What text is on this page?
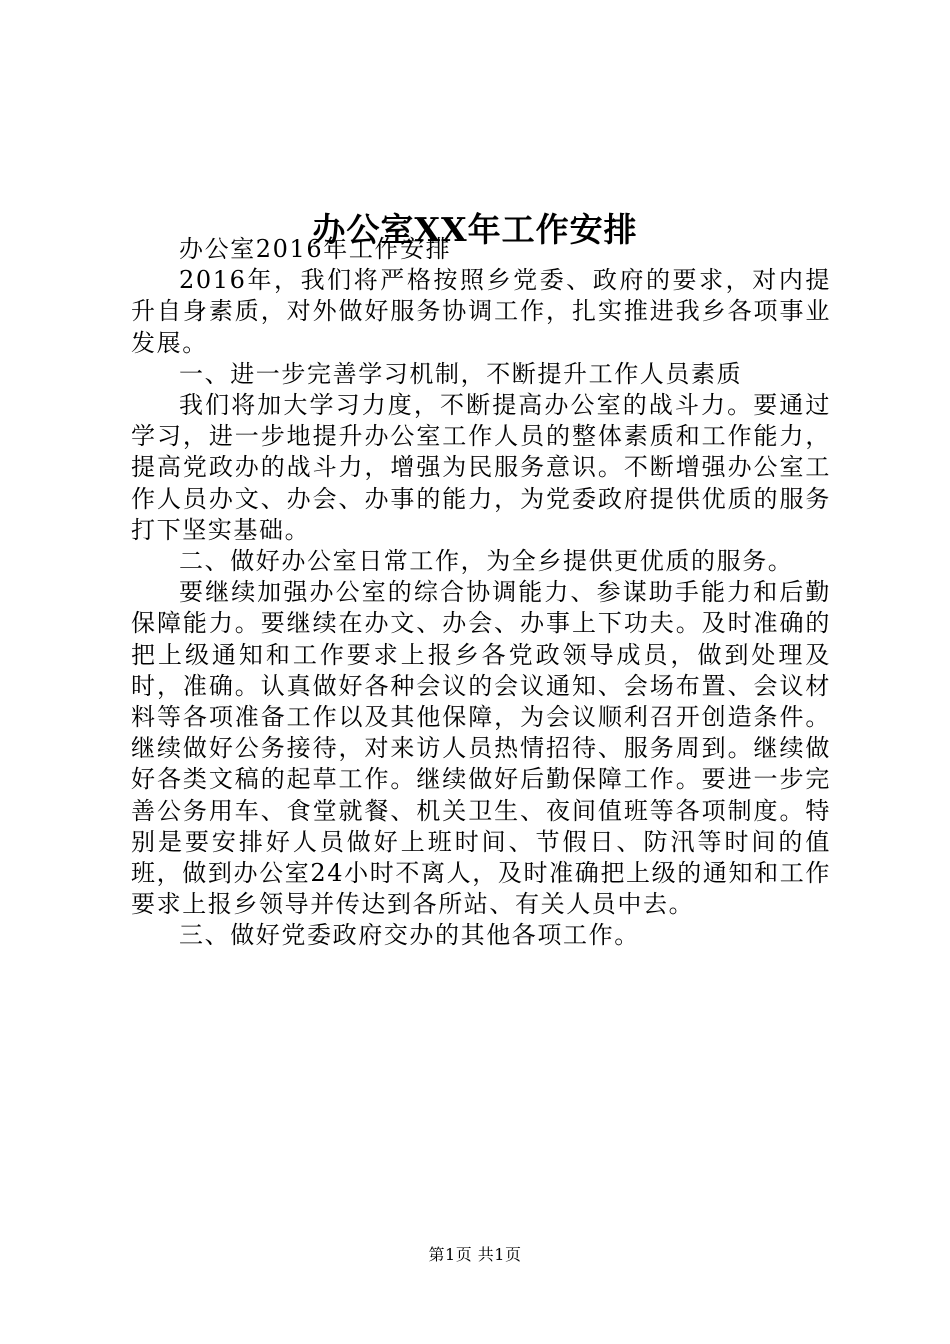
办公室XX年工作安排

办公室2016年工作安排

2016年，我们将严格按照乡党委、政府的要求，对内提升自身素质，对外做好服务协调工作，扎实推进我乡各项事业发展。

一、进一步完善学习机制，不断提升工作人员素质

我们将加大学习力度，不断提高办公室的战斗力。要通过学习，进一步地提升办公室工作人员的整体素质和工作能力，提高党政办的战斗力，增强为民服务意识。不断增强办公室工作人员办文、办会、办事的能力，为党委政府提供优质的服务打下坚实基础。

二、做好办公室日常工作，为全乡提供更优质的服务。

要继续加强办公室的综合协调能力、参谋助手能力和后勤保障能力。要继续在办文、办会、办事上下功夫。及时准确的把上级通知和工作要求上报乡各党政领导成员，做到处理及时，准确。认真做好各种会议的会议通知、会场布置、会议材料等各项准备工作以及其他保障，为会议顺利召开创造条件。继续做好公务接待，对来访人员热情招待、服务周到。继续做好各类文稿的起草工作。继续做好后勤保障工作。要进一步完善公务用车、食堂就餐、机关卫生、夜间值班等各项制度。特别是要安排好人员做好上班时间、节假日、防汛等时间的值班，做到办公室24小时不离人，及时准确把上级的通知和工作要求上报乡领导并传达到各所站、有关人员中去。

三、做好党委政府交办的其他各项工作。

第1页 共1页
